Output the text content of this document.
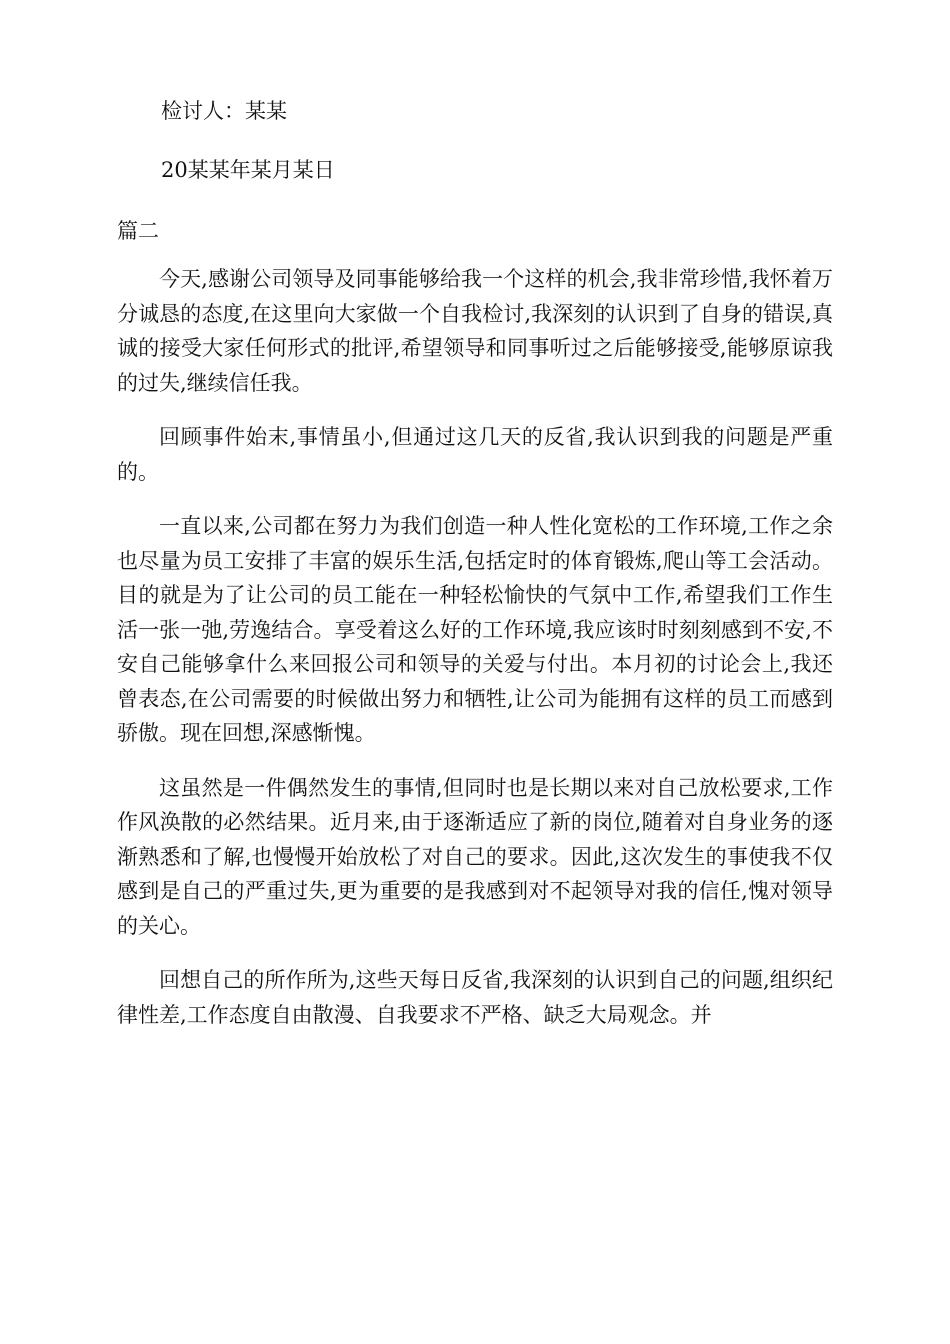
检讨人：某某
20某某年某月某日
篇二

今天,感谢公司领导及同事能够给我一个这样的机会,我非常珍惜,我怀着万分诚恳的态度,在这里向大家做一个自我检讨,我深刻的认识到了自身的错误,真诚的接受大家任何形式的批评,希望领导和同事听过之后能够接受,能够原谅我的过失,继续信任我。

回顾事件始末,事情虽小,但通过这几天的反省,我认识到我的问题是严重的。

一直以来,公司都在努力为我们创造一种人性化宽松的工作环境,工作之余也尽量为员工安排了丰富的娱乐生活,包括定时的体育锻炼,爬山等工会活动。目的就是为了让公司的员工能在一种轻松愉快的气氛中工作,希望我们工作生活一张一弛,劳逸结合。享受着这么好的工作环境,我应该时时刻刻感到不安,不安自己能够拿什么来回报公司和领导的关爱与付出。本月初的讨论会上,我还曾表态,在公司需要的时候做出努力和牺牲,让公司为能拥有这样的员工而感到骄傲。现在回想,深感惭愧。

这虽然是一件偶然发生的事情,但同时也是长期以来对自己放松要求,工作作风涣散的必然结果。近月来,由于逐渐适应了新的岗位,随着对自身业务的逐渐熟悉和了解,也慢慢开始放松了对自己的要求。因此,这次发生的事使我不仅感到是自己的严重过失,更为重要的是我感到对不起领导对我的信任,愧对领导的关心。

回想自己的所作所为,这些天每日反省,我深刻的认识到自己的问题,组织纪律性差,工作态度自由散漫、自我要求不严格、缺乏大局观念。并
